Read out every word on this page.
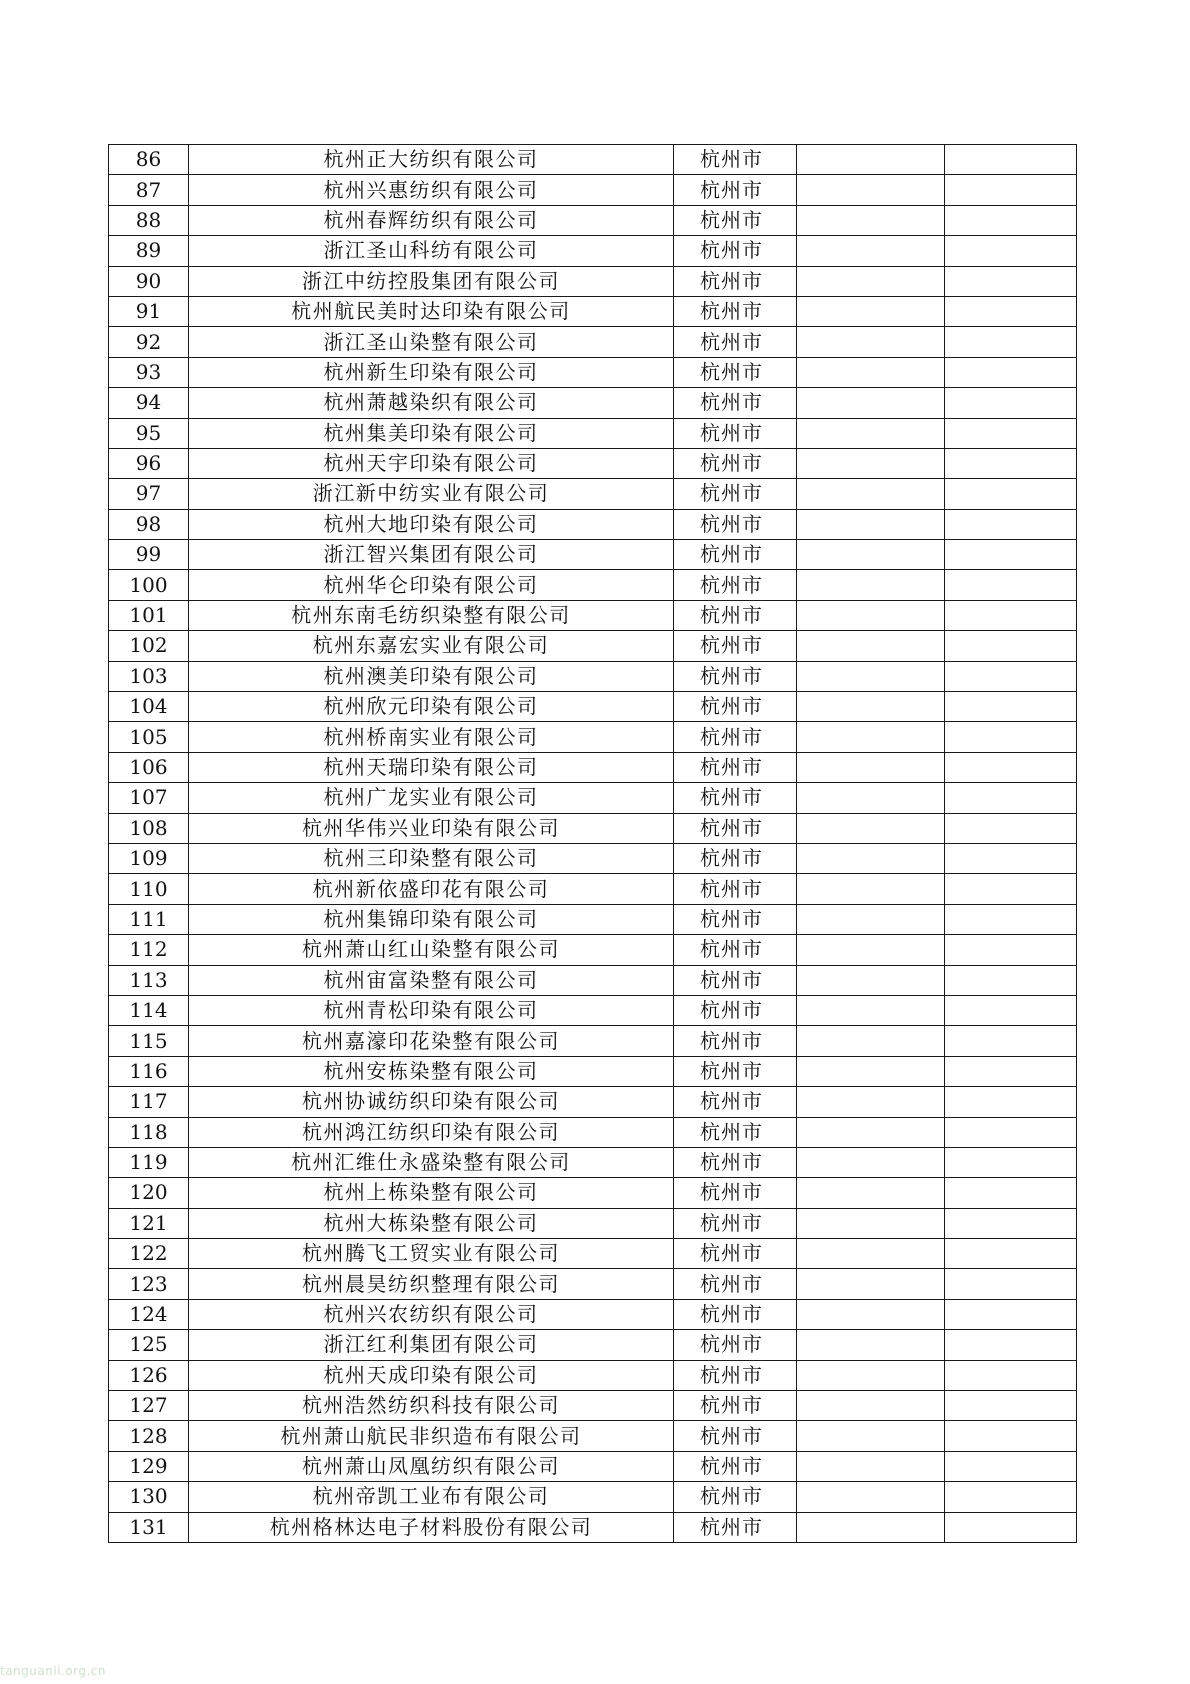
86	杭州正大纺织有限公司	杭州市		
87	杭州兴惠纺织有限公司	杭州市		
88	杭州春辉纺织有限公司	杭州市		
89	浙江圣山科纺有限公司	杭州市		
90	浙江中纺控股集团有限公司	杭州市		
91	杭州航民美时达印染有限公司	杭州市		
92	浙江圣山染整有限公司	杭州市		
93	杭州新生印染有限公司	杭州市		
94	杭州萧越染织有限公司	杭州市		
95	杭州集美印染有限公司	杭州市		
96	杭州天宇印染有限公司	杭州市		
97	浙江新中纺实业有限公司	杭州市		
98	杭州大地印染有限公司	杭州市		
99	浙江智兴集团有限公司	杭州市		
100	杭州华仑印染有限公司	杭州市		
101	杭州东南毛纺织染整有限公司	杭州市		
102	杭州东嘉宏实业有限公司	杭州市		
103	杭州澳美印染有限公司	杭州市		
104	杭州欣元印染有限公司	杭州市		
105	杭州桥南实业有限公司	杭州市		
106	杭州天瑞印染有限公司	杭州市		
107	杭州广龙实业有限公司	杭州市		
108	杭州华伟兴业印染有限公司	杭州市		
109	杭州三印染整有限公司	杭州市		
110	杭州新依盛印花有限公司	杭州市		
111	杭州集锦印染有限公司	杭州市		
112	杭州萧山红山染整有限公司	杭州市		
113	杭州宙富染整有限公司	杭州市		
114	杭州青松印染有限公司	杭州市		
115	杭州嘉濠印花染整有限公司	杭州市		
116	杭州安栋染整有限公司	杭州市		
117	杭州协诚纺织印染有限公司	杭州市		
118	杭州鸿江纺织印染有限公司	杭州市		
119	杭州汇维仕永盛染整有限公司	杭州市		
120	杭州上栋染整有限公司	杭州市		
121	杭州大栋染整有限公司	杭州市		
122	杭州腾飞工贸实业有限公司	杭州市		
123	杭州晨昊纺织整理有限公司	杭州市		
124	杭州兴农纺织有限公司	杭州市		
125	浙江红利集团有限公司	杭州市		
126	杭州天成印染有限公司	杭州市		
127	杭州浩然纺织科技有限公司	杭州市		
128	杭州萧山航民非织造布有限公司	杭州市		
129	杭州萧山凤凰纺织有限公司	杭州市		
130	杭州帝凯工业布有限公司	杭州市		
131	杭州格林达电子材料股份有限公司	杭州市		
tanguanli.org.cn
